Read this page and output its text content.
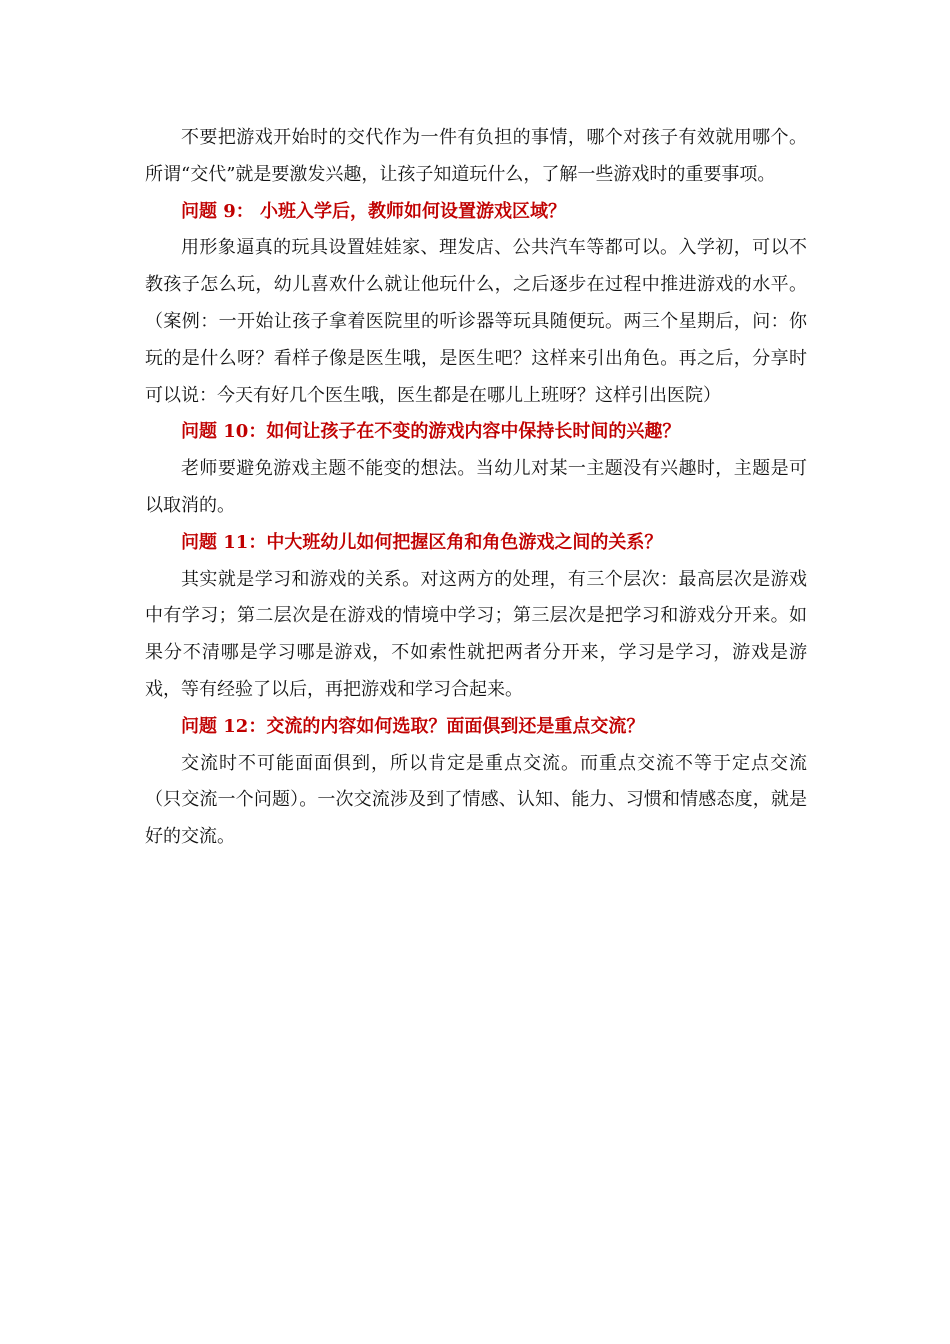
不要把游戏开始时的交代作为一件有负担的事情，哪个对孩子有效就用哪个。所谓“交代”就是要激发兴趣，让孩子知道玩什么，了解一些游戏时的重要事项。

问题 9： 小班入学后，教师如何设置游戏区域？

用形象逼真的玩具设置娃娃家、理发店、公共汽车等都可以。入学初，可以不教孩子怎么玩，幼儿喜欢什么就让他玩什么，之后逐步在过程中推进游戏的水平。（案例：一开始让孩子拿着医院里的听诊器等玩具随便玩。两三个星期后，问：你玩的是什么呀？看样子像是医生哦，是医生吧？这样来引出角色。再之后，分享时可以说：今天有好几个医生哦，医生都是在哪儿上班呀？这样引出医院）

问题 10：如何让孩子在不变的游戏内容中保持长时间的兴趣？

老师要避免游戏主题不能变的想法。当幼儿对某一主题没有兴趣时，主题是可以取消的。

问题 11：中大班幼儿如何把握区角和角色游戏之间的关系？

其实就是学习和游戏的关系。对这两方的处理，有三个层次：最高层次是游戏中有学习；第二层次是在游戏的情境中学习；第三层次是把学习和游戏分开来。如果分不清哪是学习哪是游戏，不如索性就把两者分开来，学习是学习，游戏是游戏，等有经验了以后，再把游戏和学习合起来。

问题 12：交流的内容如何选取？面面俱到还是重点交流？

交流时不可能面面俱到，所以肯定是重点交流。而重点交流不等于定点交流（只交流一个问题）。一次交流涉及到了情感、认知、能力、习惯和情感态度，就是好的交流。
